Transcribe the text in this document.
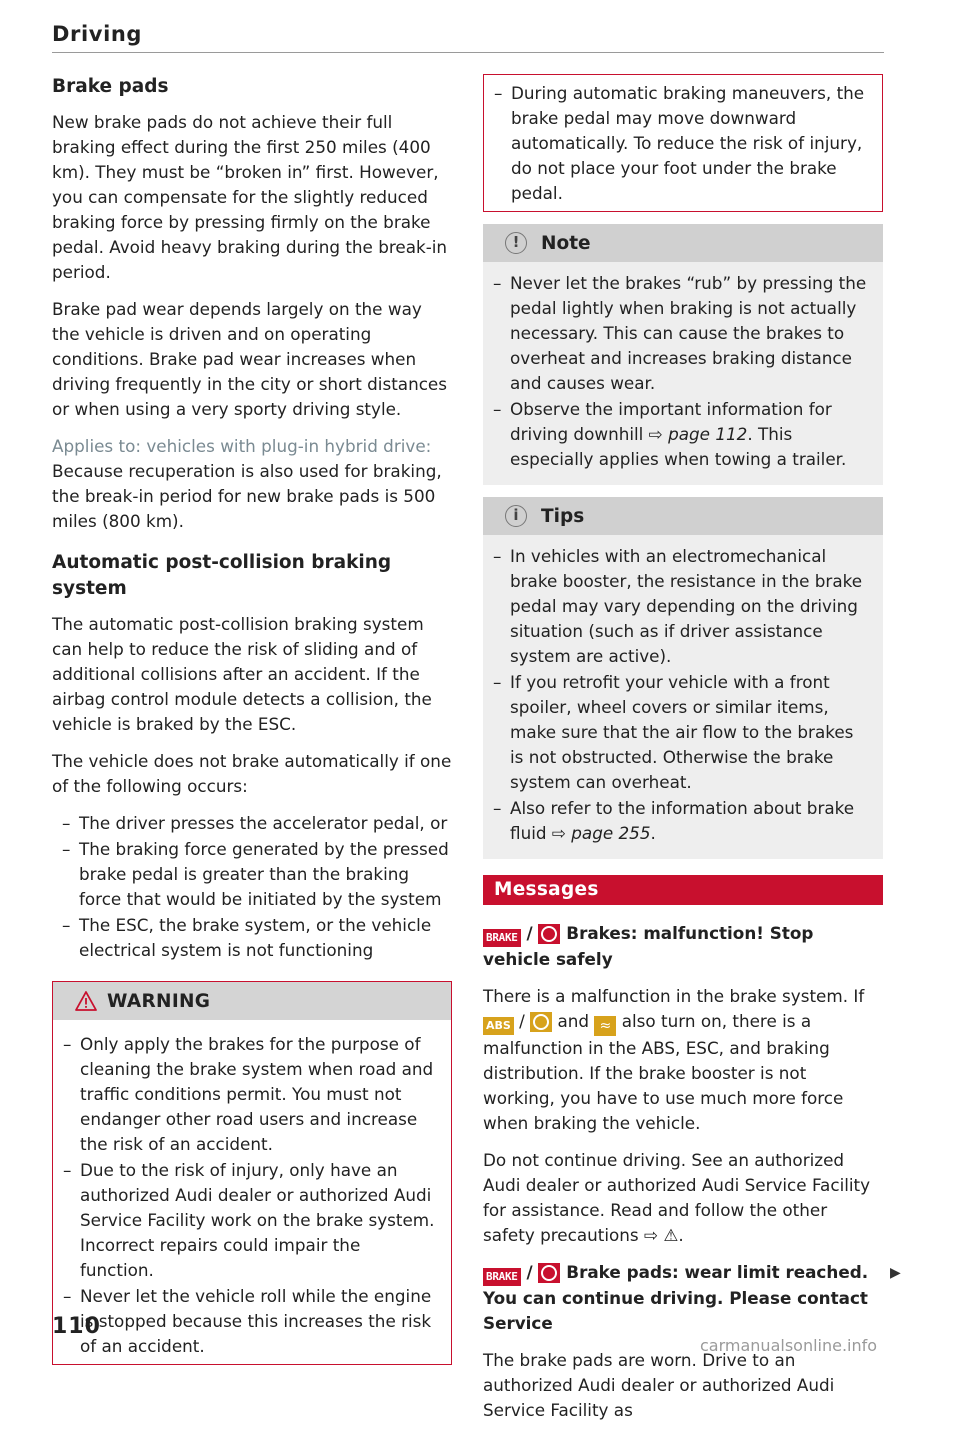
Driving
Brake pads

New brake pads do not achieve their full braking effect during the first 250 miles (400 km). They must be “broken in” first. However, you can compensate for the slightly reduced braking force by pressing firmly on the brake pedal. Avoid heavy braking during the break-in period.

Brake pad wear depends largely on the way the vehicle is driven and on operating conditions. Brake pad wear increases when driving frequently in the city or short distances or when using a very sporty driving style.

Applies to: vehicles with plug-in hybrid drive: Because recuperation is also used for braking, the break-in period for new brake pads is 500 miles (800 km).

Automatic post-collision braking system

The automatic post-collision braking system can help to reduce the risk of sliding and of additional collisions after an accident. If the airbag control module detects a collision, the vehicle is braked by the ESC.

The vehicle does not brake automatically if one of the following occurs:

– The driver presses the accelerator pedal, or
– The braking force generated by the pressed brake pedal is greater than the braking force that would be initiated by the system
– The ESC, the brake system, or the vehicle electrical system is not functioning
WARNING
– Only apply the brakes for the purpose of cleaning the brake system when road and traffic conditions permit. You must not endanger other road users and increase the risk of an accident.
– Due to the risk of injury, only have an authorized Audi dealer or authorized Audi Service Facility work on the brake system. Incorrect repairs could impair the function.
– Never let the vehicle roll while the engine is stopped because this increases the risk of an accident.
– During automatic braking maneuvers, the brake pedal may move downward automatically. To reduce the risk of injury, do not place your foot under the brake pedal.
!	Note
– Never let the brakes “rub” by pressing the pedal lightly when braking is not actually necessary. This can cause the brakes to overheat and increases braking distance and causes wear.
– Observe the important information for driving downhill ⇨ page 112. This especially applies when towing a trailer.
i	Tips
– In vehicles with an electromechanical brake booster, the resistance in the brake pedal may vary depending on the driving situation (such as if driver assistance system are active).
– If you retrofit your vehicle with a front spoiler, wheel covers or similar items, make sure that the air flow to the brakes is not obstructed. Otherwise the brake system can overheat.
– Also refer to the information about brake fluid ⇨ page 255.
Messages
BRAKE /  Brakes: malfunction! Stop vehicle safely

There is a malfunction in the brake system. If ABS /  and ≈ also turn on, there is a malfunction in the ABS, ESC, and braking distribution. If the brake booster is not working, you have to use much more force when braking the vehicle.

Do not continue driving. See an authorized Audi dealer or authorized Audi Service Facility for assistance. Read and follow the other safety precautions ⇨ ⚠.

BRAKE /  Brake pads: wear limit reached. You can continue driving. Please contact Service

The brake pads are worn. Drive to an authorized Audi dealer or authorized Audi Service Facility as

▶
110
carmanualsonline.info
